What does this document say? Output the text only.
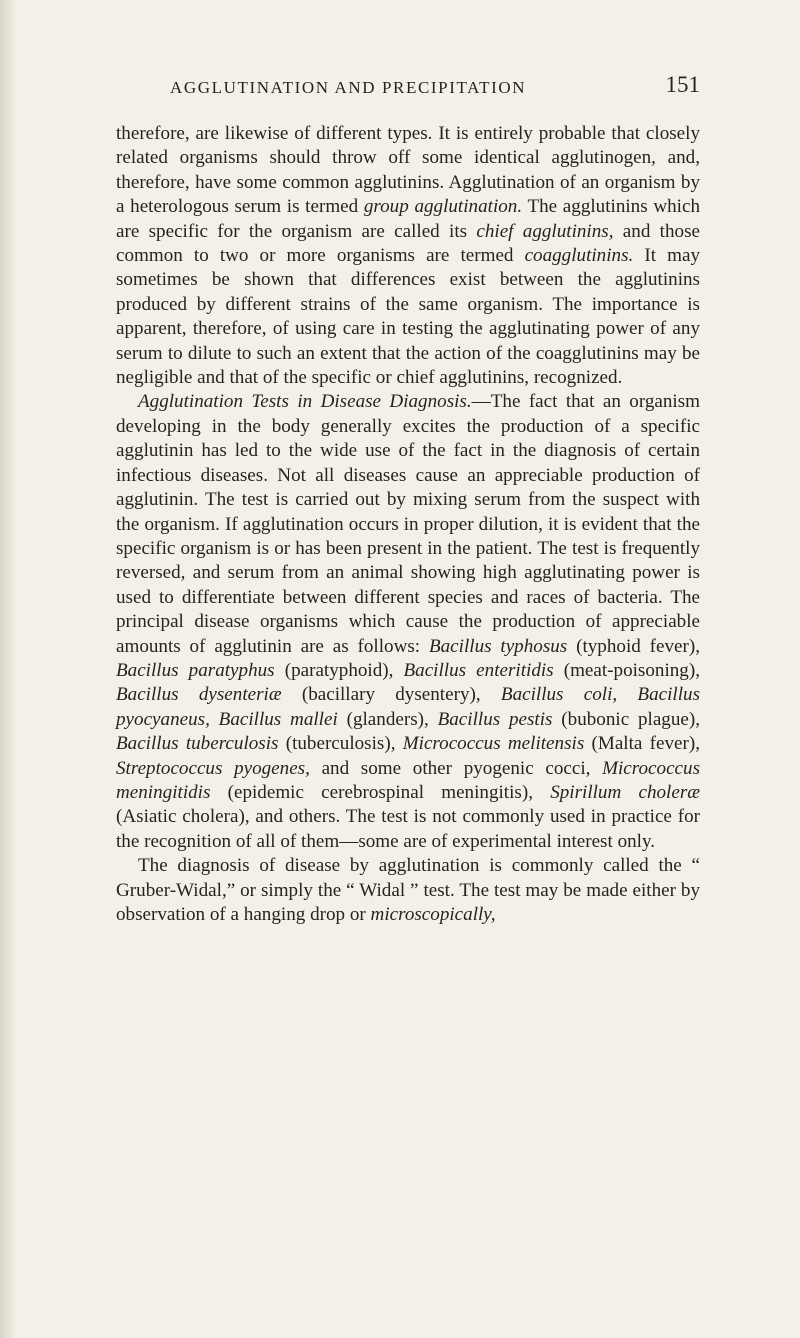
AGGLUTINATION AND PRECIPITATION	151

therefore, are likewise of different types. It is entirely probable that closely related organisms should throw off some identical agglutinogen, and, therefore, have some common agglutinins. Agglutination of an organism by a heterologous serum is termed group agglutination. The agglutinins which are specific for the organism are called its chief agglutinins, and those common to two or more organisms are termed coagglutinins. It may sometimes be shown that differences exist between the agglutinins produced by different strains of the same organism. The importance is apparent, therefore, of using care in testing the agglutinating power of any serum to dilute to such an extent that the action of the coagglutinins may be negligible and that of the specific or chief agglutinins, recognized.

Agglutination Tests in Disease Diagnosis.—The fact that an organism developing in the body generally excites the production of a specific agglutinin has led to the wide use of the fact in the diagnosis of certain infectious diseases. Not all diseases cause an appreciable production of agglutinin. The test is carried out by mixing serum from the suspect with the organism. If agglutination occurs in proper dilution, it is evident that the specific organism is or has been present in the patient. The test is frequently reversed, and serum from an animal showing high agglutinating power is used to differentiate between different species and races of bacteria. The principal disease organisms which cause the production of appreciable amounts of agglutinin are as follows: Bacillus typhosus (typhoid fever), Bacillus paratyphus (paratyphoid), Bacillus enteritidis (meat-poisoning), Bacillus dysenteriæ (bacillary dysentery), Bacillus coli, Bacillus pyocyaneus, Bacillus mallei (glanders), Bacillus pestis (bubonic plague), Bacillus tuberculosis (tuberculosis), Micrococcus melitensis (Malta fever), Streptococcus pyogenes, and some other pyogenic cocci, Micrococcus meningitidis (epidemic cerebrospinal meningitis), Spirillum choleræ (Asiatic cholera), and others. The test is not commonly used in practice for the recognition of all of them—some are of experimental interest only.

The diagnosis of disease by agglutination is commonly called the “ Gruber-Widal,” or simply the “ Widal ” test. The test may be made either by observation of a hanging drop or microscopically,
